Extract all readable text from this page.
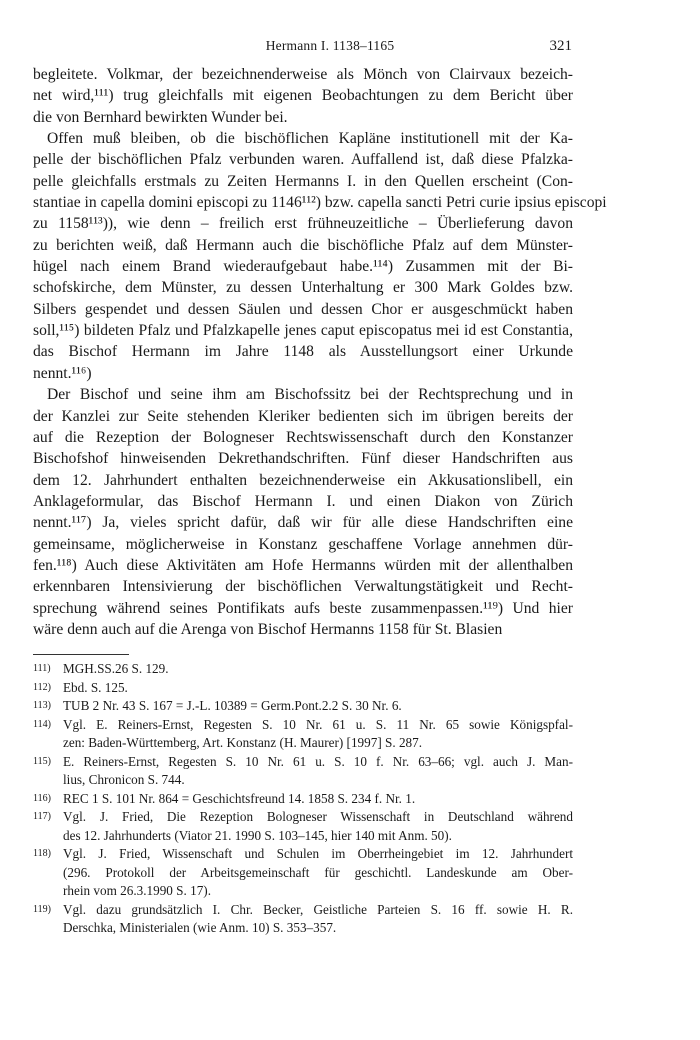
Hermann I. 1138–1165	321

begleitete. Volkmar, der bezeichnenderweise als Mönch von Clairvaux bezeich-
net wird,¹¹¹) trug gleichfalls mit eigenen Beobachtungen zu dem Bericht über
die von Bernhard bewirkten Wunder bei.

Offen muß bleiben, ob die bischöflichen Kapläne institutionell mit der Ka-
pelle der bischöflichen Pfalz verbunden waren. Auffallend ist, daß diese Pfalzka-
pelle gleichfalls erstmals zu Zeiten Hermanns I. in den Quellen erscheint (Con-
stantiae in capella domini episcopi zu 1146¹¹²) bzw. capella sancti Petri curie ipsius episcopi
zu 1158¹¹³)), wie denn – freilich erst frühneuzeitliche – Überlieferung davon
zu berichten weiß, daß Hermann auch die bischöfliche Pfalz auf dem Münster-
hügel nach einem Brand wiederaufgebaut habe.¹¹⁴) Zusammen mit der Bi-
schofskirche, dem Münster, zu dessen Unterhaltung er 300 Mark Goldes bzw.
Silbers gespendet und dessen Säulen und dessen Chor er ausgeschmückt haben
soll,¹¹⁵) bildeten Pfalz und Pfalzkapelle jenes caput episcopatus mei id est Constantia,
das Bischof Hermann im Jahre 1148 als Ausstellungsort einer Urkunde
nennt.¹¹⁶)

Der Bischof und seine ihm am Bischofssitz bei der Rechtsprechung und in
der Kanzlei zur Seite stehenden Kleriker bedienten sich im übrigen bereits der
auf die Rezeption der Bologneser Rechtswissenschaft durch den Konstanzer
Bischofshof hinweisenden Dekrethandschriften. Fünf dieser Handschriften aus
dem 12. Jahrhundert enthalten bezeichnenderweise ein Akkusationslibell, ein
Anklageformular, das Bischof Hermann I. und einen Diakon von Zürich
nennt.¹¹⁷) Ja, vieles spricht dafür, daß wir für alle diese Handschriften eine
gemeinsame, möglicherweise in Konstanz geschaffene Vorlage annehmen dür-
fen.¹¹⁸) Auch diese Aktivitäten am Hofe Hermanns würden mit der allenthalben
erkennbaren Intensivierung der bischöflichen Verwaltungstätigkeit und Recht-
sprechung während seines Pontifikats aufs beste zusammenpassen.¹¹⁹) Und hier
wäre denn auch auf die Arenga von Bischof Hermanns 1158 für St. Blasien

111) MGH.SS.26 S. 129.
112) Ebd. S. 125.
113) TUB 2 Nr. 43 S. 167 = J.-L. 10389 = Germ.Pont.2.2 S. 30 Nr. 6.
114) Vgl. E. Reiners-Ernst, Regesten S. 10 Nr. 61 u. S. 11 Nr. 65 sowie Königspfal-
zen: Baden-Württemberg, Art. Konstanz (H. Maurer) [1997] S. 287.
115) E. Reiners-Ernst, Regesten S. 10 Nr. 61 u. S. 10 f. Nr. 63–66; vgl. auch J. Man-
lius, Chronicon S. 744.
116) REC 1 S. 101 Nr. 864 = Geschichtsfreund 14. 1858 S. 234 f. Nr. 1.
117) Vgl. J. Fried, Die Rezeption Bologneser Wissenschaft in Deutschland während
des 12. Jahrhunderts (Viator 21. 1990 S. 103–145, hier 140 mit Anm. 50).
118) Vgl. J. Fried, Wissenschaft und Schulen im Oberrheingebiet im 12. Jahrhundert
(296. Protokoll der Arbeitsgemeinschaft für geschichtl. Landeskunde am Ober-
rhein vom 26.3.1990 S. 17).
119) Vgl. dazu grundsätzlich I. Chr. Becker, Geistliche Parteien S. 16 ff. sowie H. R.
Derschka, Ministerialen (wie Anm. 10) S. 353–357.
